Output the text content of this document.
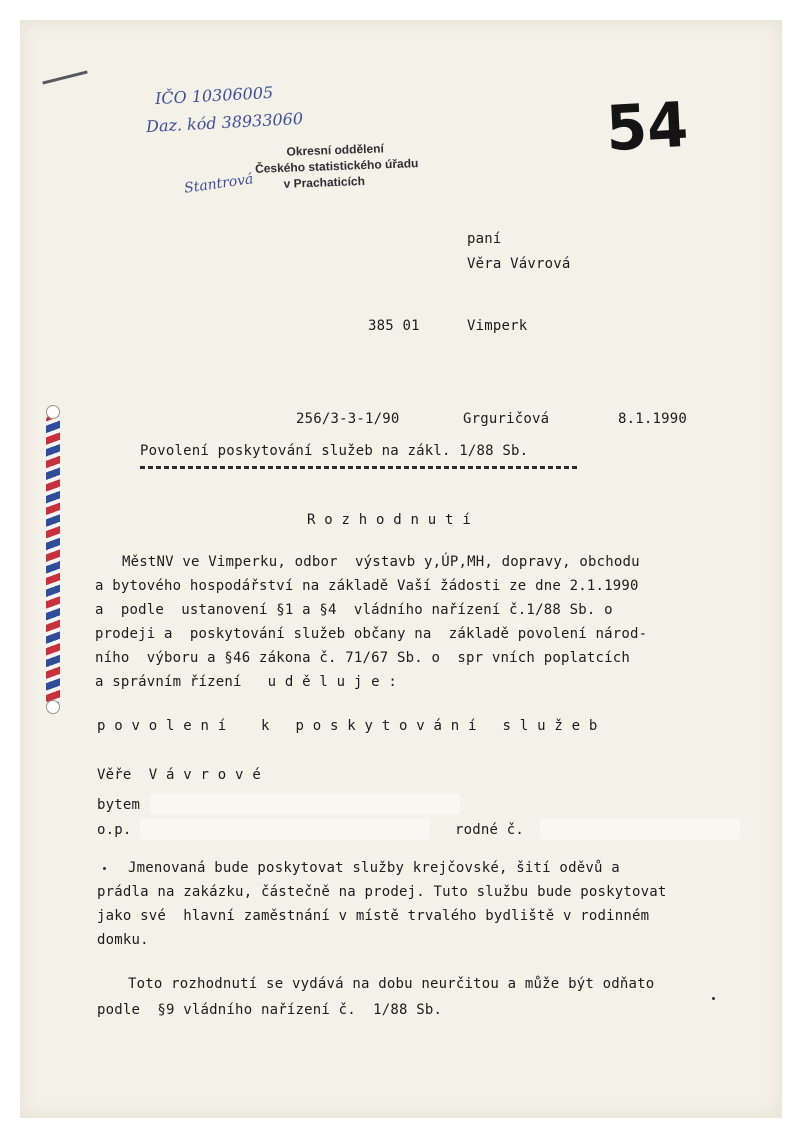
IČO 10306005
Daz. kód 38933060
Stantrová
Okresní oddělení
Českého statistického úřadu
v Prachaticích
54
paní
Věra Vávrová
385 01	Vimperk
256/3-3-1/90	Grguričová	8.1.1990
Povolení poskytování služeb na zákl. 1/88 Sb.
R o z h o d n u t í
MěstNV ve Vimperku, odbor  výstavb y,ÚP,MH, dopravy, obchodu
a bytového hospodářství na základě Vaší žádosti ze dne 2.1.1990
a  podle  ustanovení §1 a §4  vládního nařízení č.1/88 Sb. o
prodeji a  poskytování služeb občany na  základě povolení národ-
ního  výboru a §46 zákona č. 71/67 Sb. o  spr vních poplatcích
a správním řízení   u d ě l u j e :
p o v o l e n í    k   p o s k y t o v á n í   s l u ž e b
Věře  V á v r o v é
bytem
o.p.	rodné č.
Jmenovaná bude poskytovat služby krejčovské, šití oděvů a
prádla na zakázku, částečně na prodej. Tuto službu bude poskytovat
jako své  hlavní zaměstnání v místě trvalého bydliště v rodinném
domku.
Toto rozhodnutí se vydává na dobu neurčitou a může být odňato
podle  §9 vládního nařízení č.  1/88 Sb.
